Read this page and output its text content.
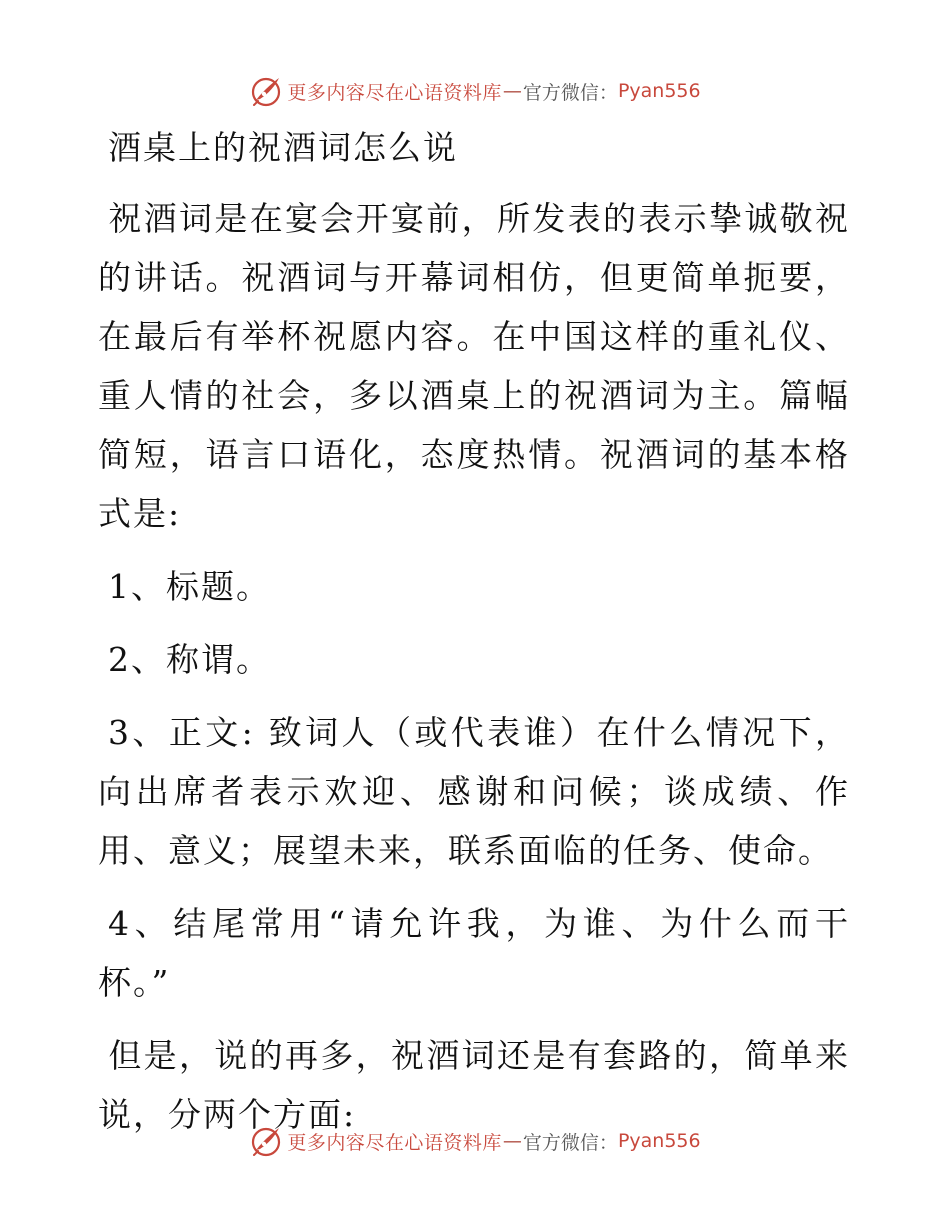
更多内容尽在心语资料库 — 官方微信： Pyan556
酒桌上的祝酒词怎么说

祝酒词是在宴会开宴前，所发表的表示挚诚敬祝的讲话。祝酒词与开幕词相仿，但更简单扼要，在最后有举杯祝愿内容。在中国这样的重礼仪、重人情的社会，多以酒桌上的祝酒词为主。篇幅简短，语言口语化，态度热情。祝酒词的基本格式是:

1、标题。

2、称谓。

3、正文: 致词人（或代表谁）在什么情况下，向出席者表示欢迎、感谢和问候；谈成绩、作用、意义；展望未来，联系面临的任务、使命。

4、结尾常用“请允许我，为谁、为什么而干杯。”

但是，说的再多，祝酒词还是有套路的，简单来说，分两个方面:

更多内容尽在心语资料库 — 官方微信： Pyan556
